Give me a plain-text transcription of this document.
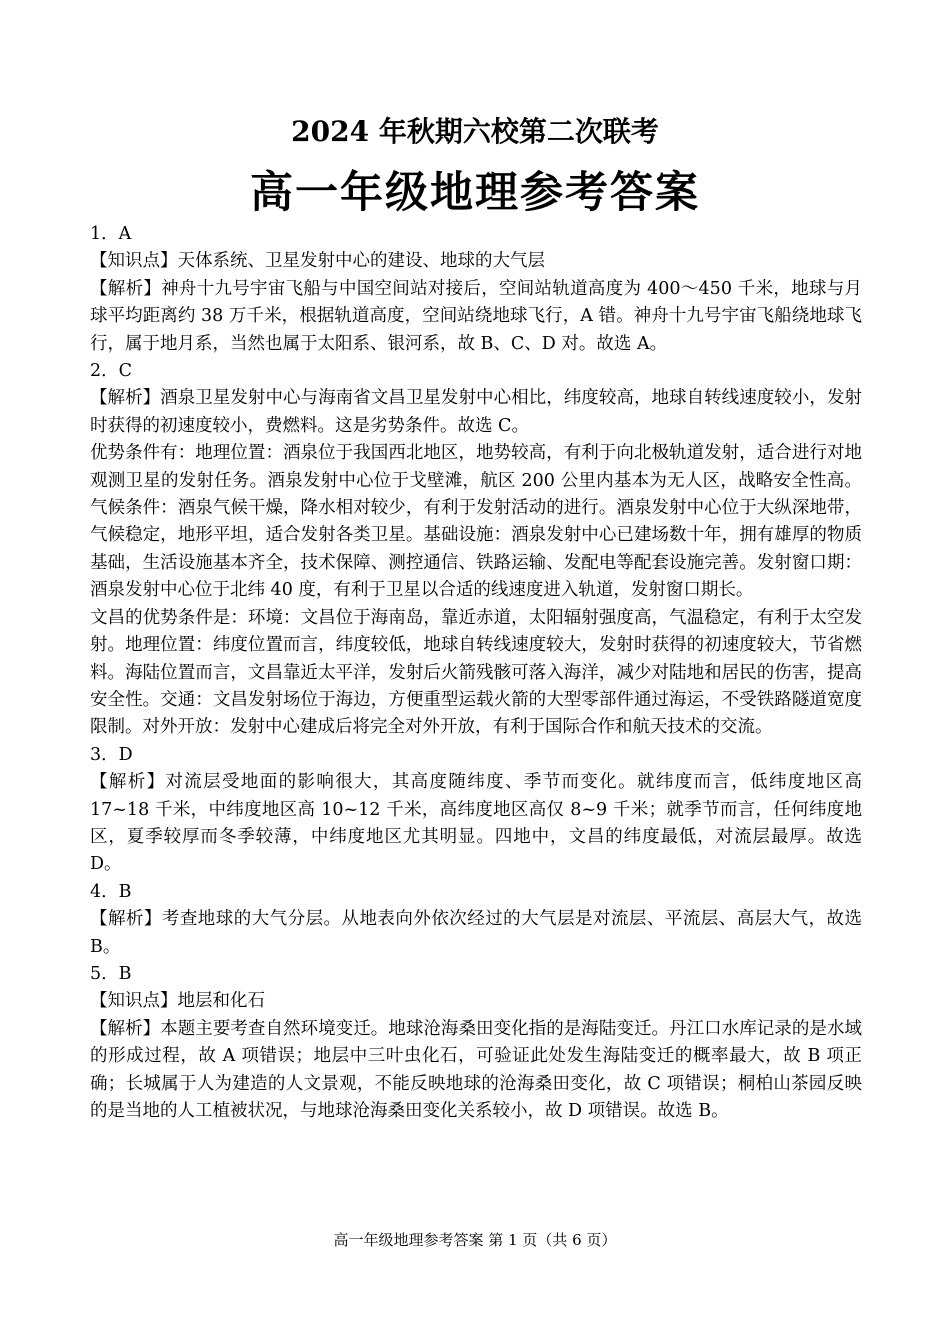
2024 年秋期六校第二次联考
高一年级地理参考答案

1．A

【知识点】天体系统、卫星发射中心的建设、地球的大气层

【解析】神舟十九号宇宙飞船与中国空间站对接后，空间站轨道高度为 400～450 千米，地球与月球平均距离约 38 万千米，根据轨道高度，空间站绕地球飞行，A 错。神舟十九号宇宙飞船绕地球飞行，属于地月系，当然也属于太阳系、银河系，故 B、C、D 对。故选 A。

2．C

【解析】酒泉卫星发射中心与海南省文昌卫星发射中心相比，纬度较高，地球自转线速度较小，发射时获得的初速度较小，费燃料。这是劣势条件。故选 C。

优势条件有：地理位置：酒泉位于我国西北地区，地势较高，有利于向北极轨道发射，适合进行对地观测卫星的发射任务。酒泉发射中心位于戈壁滩，航区 200 公里内基本为无人区，战略安全性高。气候条件：酒泉气候干燥，降水相对较少，有利于发射活动的进行。酒泉发射中心位于大纵深地带，气候稳定，地形平坦，适合发射各类卫星。基础设施：酒泉发射中心已建场数十年，拥有雄厚的物质基础，生活设施基本齐全，技术保障、测控通信、铁路运输、发配电等配套设施完善。发射窗口期：酒泉发射中心位于北纬 40 度，有利于卫星以合适的线速度进入轨道，发射窗口期长。

文昌的优势条件是：环境：文昌位于海南岛，靠近赤道，太阳辐射强度高，气温稳定，有利于太空发射。地理位置：纬度位置而言，纬度较低，地球自转线速度较大，发射时获得的初速度较大，节省燃料。海陆位置而言，文昌靠近太平洋，发射后火箭残骸可落入海洋，减少对陆地和居民的伤害，提高安全性。交通：文昌发射场位于海边，方便重型运载火箭的大型零部件通过海运，不受铁路隧道宽度限制。对外开放：发射中心建成后将完全对外开放，有利于国际合作和航天技术的交流。

3．D

【解析】对流层受地面的影响很大，其高度随纬度、季节而变化。就纬度而言，低纬度地区高 17~18 千米，中纬度地区高 10~12 千米，高纬度地区高仅 8~9 千米；就季节而言，任何纬度地区，夏季较厚而冬季较薄，中纬度地区尤其明显。四地中，文昌的纬度最低，对流层最厚。故选 D。

4．B

【解析】考查地球的大气分层。从地表向外依次经过的大气层是对流层、平流层、高层大气，故选 B。

5．B

【知识点】地层和化石

【解析】本题主要考查自然环境变迁。地球沧海桑田变化指的是海陆变迁。丹江口水库记录的是水域的形成过程，故 A 项错误；地层中三叶虫化石，可验证此处发生海陆变迁的概率最大，故 B 项正确；长城属于人为建造的人文景观，不能反映地球的沧海桑田变化，故 C 项错误；桐柏山茶园反映的是当地的人工植被状况，与地球沧海桑田变化关系较小，故 D 项错误。故选 B。

高一年级地理参考答案 第 1 页（共 6 页）
